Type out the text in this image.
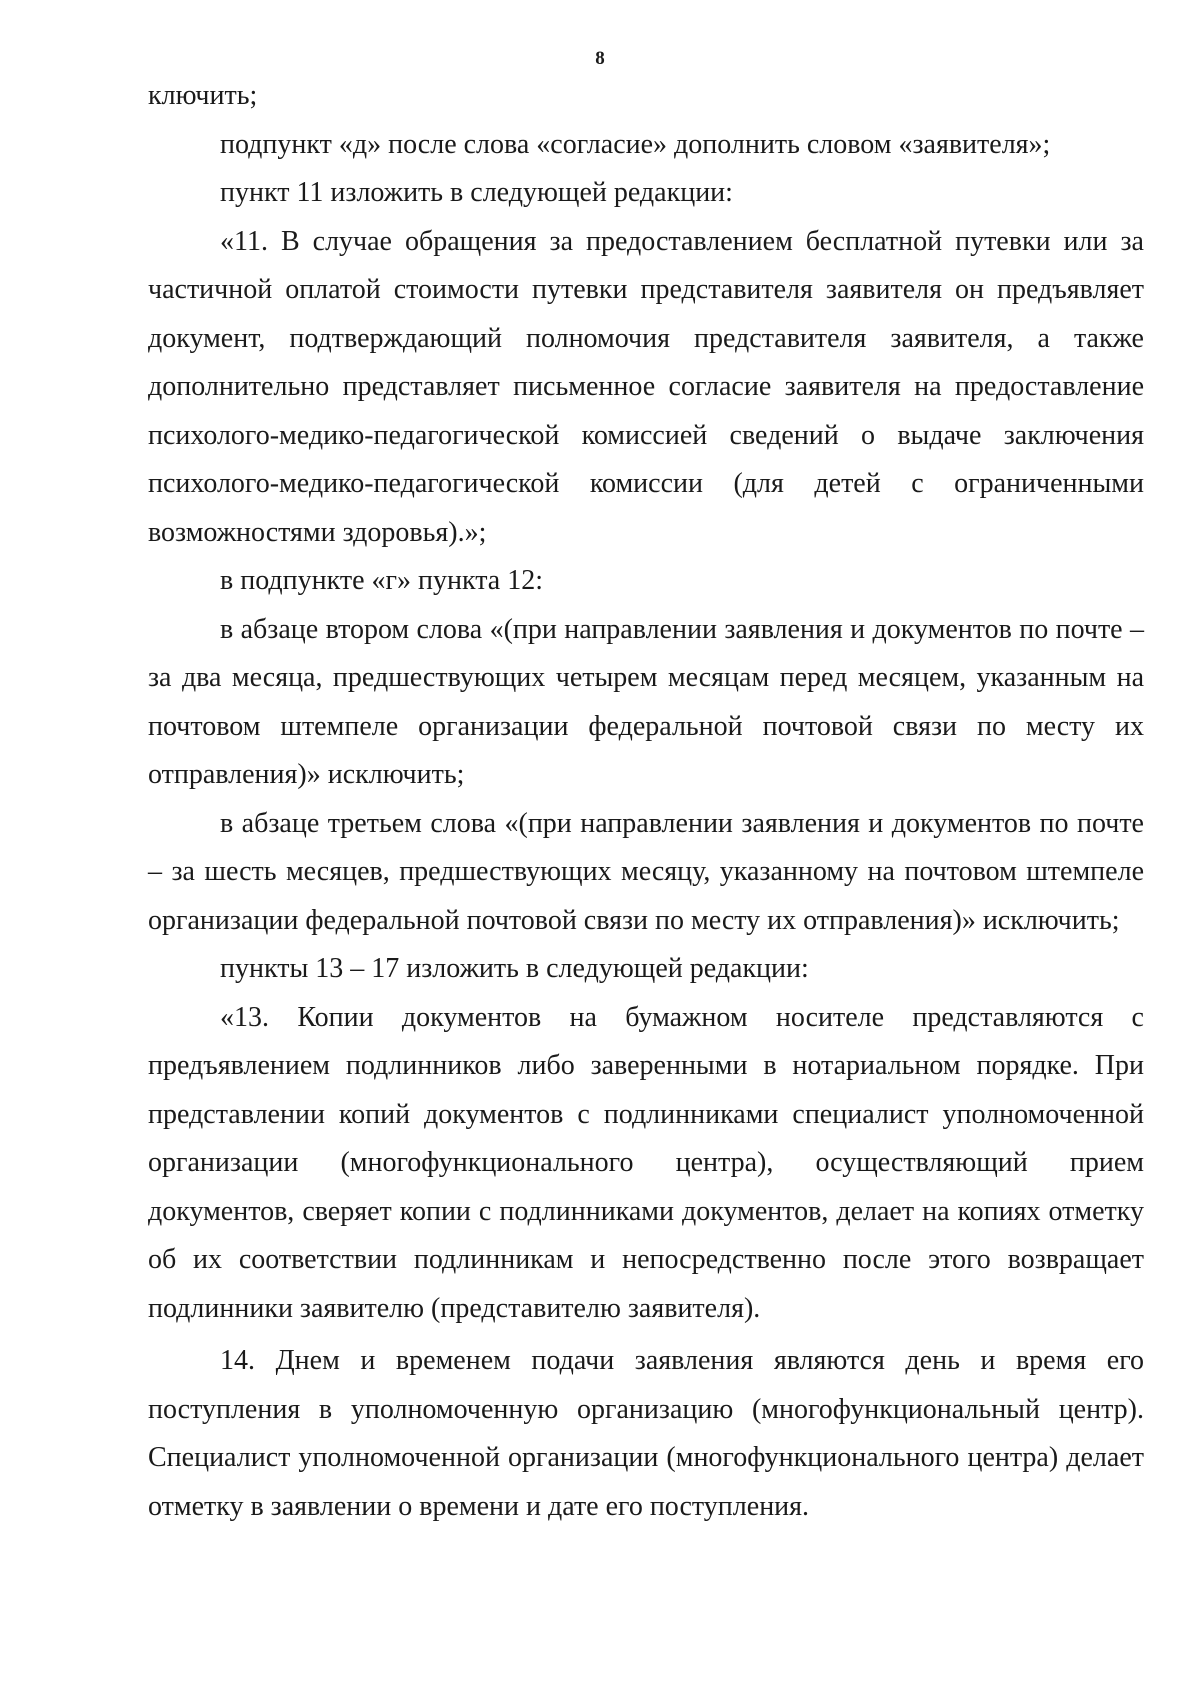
8

ключить;

подпункт «д» после слова «согласие» дополнить словом «заявителя»;

пункт 11 изложить в следующей редакции:

«11. В случае обращения за предоставлением бесплатной путевки или за частичной оплатой стоимости путевки представителя заявителя он предъявляет документ, подтверждающий полномочия представителя заявителя, а также дополнительно представляет письменное согласие заявителя на предоставление психолого-медико-педагогической комиссией сведений о выдаче заключения психолого-медико-педагогической комиссии (для детей с ограниченными возможностями здоровья).»;

в подпункте «г» пункта 12:

в абзаце втором слова «(при направлении заявления и документов по почте – за два месяца, предшествующих четырем месяцам перед месяцем, указанным на почтовом штемпеле организации федеральной почтовой связи по месту их отправления)» исключить;

в абзаце третьем слова «(при направлении заявления и документов по почте – за шесть месяцев, предшествующих месяцу, указанному на почтовом штемпеле организации федеральной почтовой связи по месту их отправления)» исключить;

пункты 13 – 17 изложить в следующей редакции:

«13. Копии документов на бумажном носителе представляются с предъявлением подлинников либо заверенными в нотариальном порядке. При представлении копий документов с подлинниками специалист уполномоченной организации (многофункционального центра), осуществляющий прием документов, сверяет копии с подлинниками документов, делает на копиях отметку об их соответствии подлинникам и непосредственно после этого возвращает подлинники заявителю (представителю заявителя).

14. Днем и временем подачи заявления являются день и время его поступления в уполномоченную организацию (многофункциональный центр). Специалист уполномоченной организации (многофункционального центра) делает отметку в заявлении о времени и дате его поступления.
